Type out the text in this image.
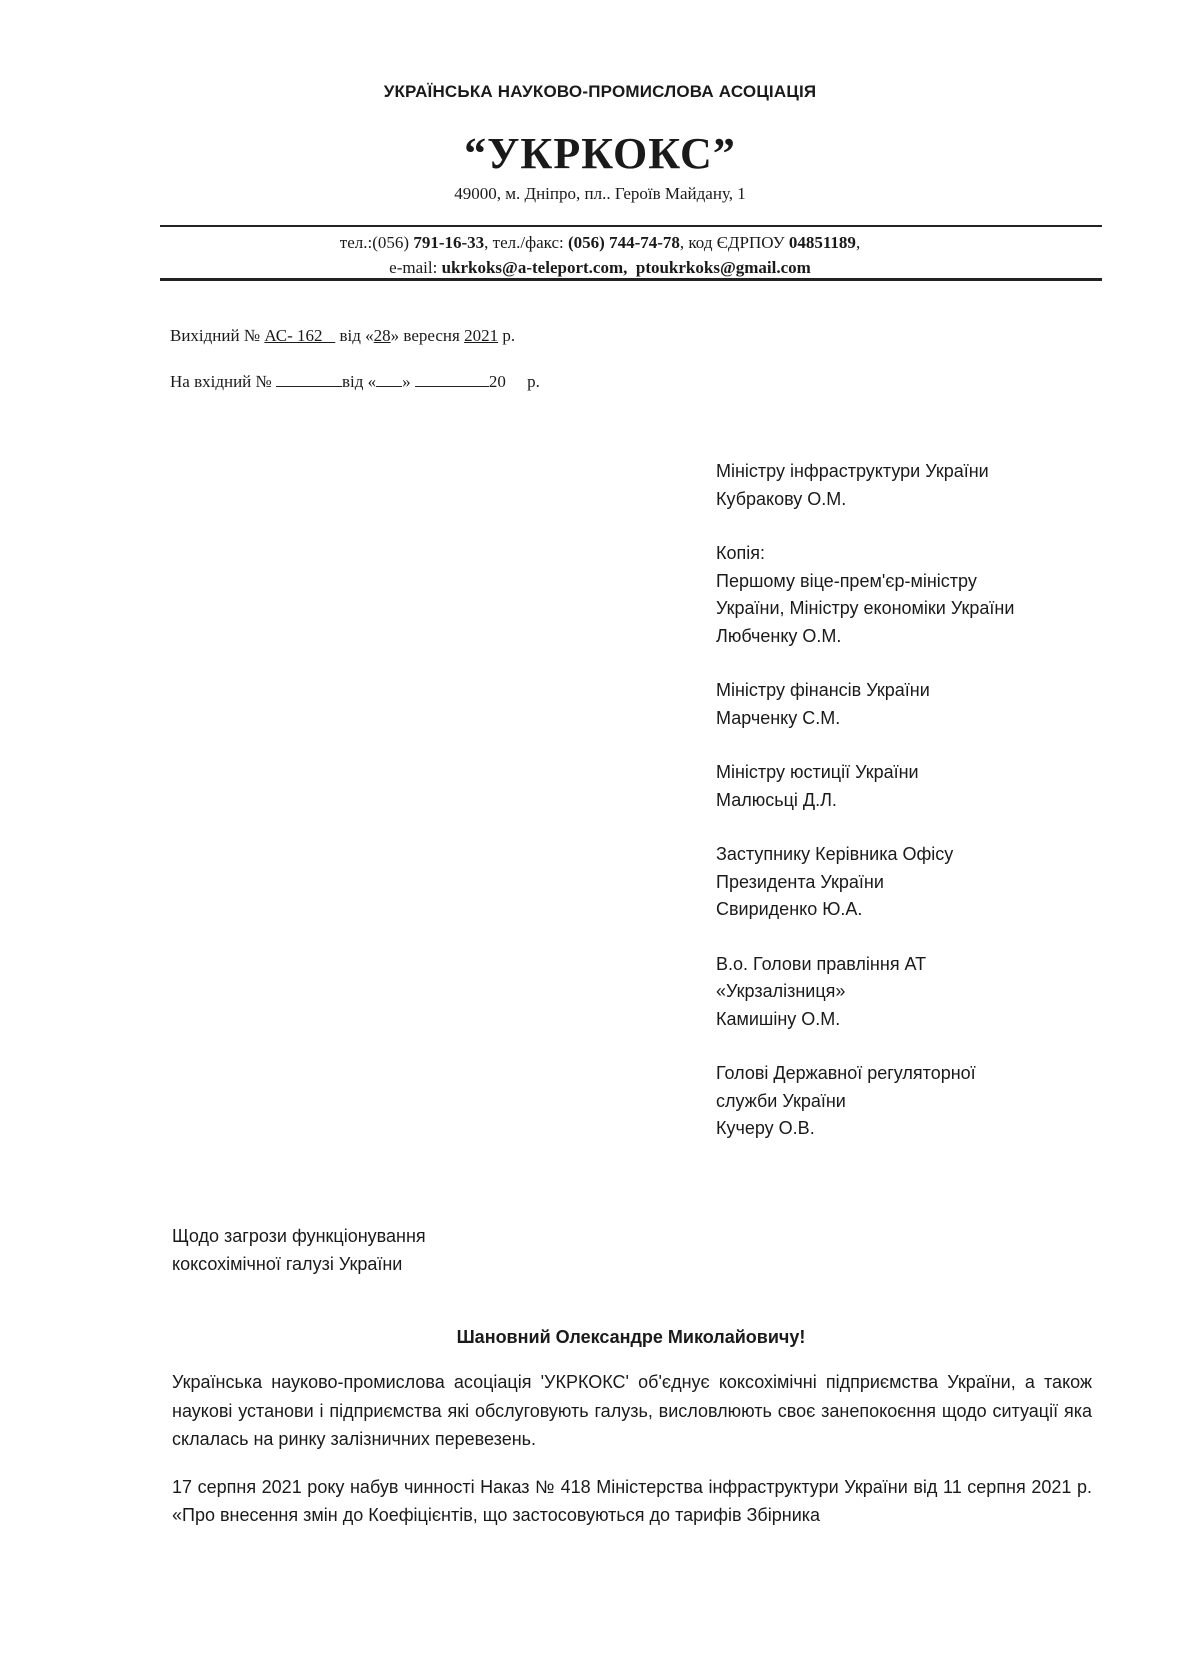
УКРАЇНСЬКА НАУКОВО-ПРОМИСЛОВА АСОЦІАЦІЯ
“УКРКОКС”
49000, м. Дніпро, пл.. Героїв Майдану, 1
тел.:(056) 791-16-33, тел./факс: (056) 744-74-78, код ЄДРПОУ 04851189,
e-mail: ukrkoks@a-teleport.com, ptoukrkoks@gmail.com
Вихідний № АС- 162 від «28» вересня 2021 р.
На вхідний №	від « »	20 р.
Міністру інфраструктури України
Кубракову О.М.
Копія:
Першому віце-прем'єр-міністру
України, Міністру економіки України
Любченку О.М.
Міністру фінансів України
Марченку С.М.
Міністру юстиції України
Малюсьці Д.Л.
Заступнику Керівника Офісу
Президента України
Свириденко Ю.А.
В.о. Голови правління АТ
«Укрзалізниця»
Камишіну О.М.
Голові Державної регуляторної
служби України
Кучеру О.В.
Щодо загрози функціонування
коксохімічної галузі України
Шановний Олександре Миколайовичу!

Українська науково-промислова асоціація 'УКРКОКС' об'єднує коксохімічні підприємства України, а також наукові установи і підприємства які обслуговують галузь, висловлюють своє занепокоєння щодо ситуації яка склалась на ринку залізничних перевезень.

17 серпня 2021 року набув чинності Наказ № 418 Міністерства інфраструктури України від 11 серпня 2021 р. «Про внесення змін до Коефіцієнтів, що застосовуються до тарифів Збірника
